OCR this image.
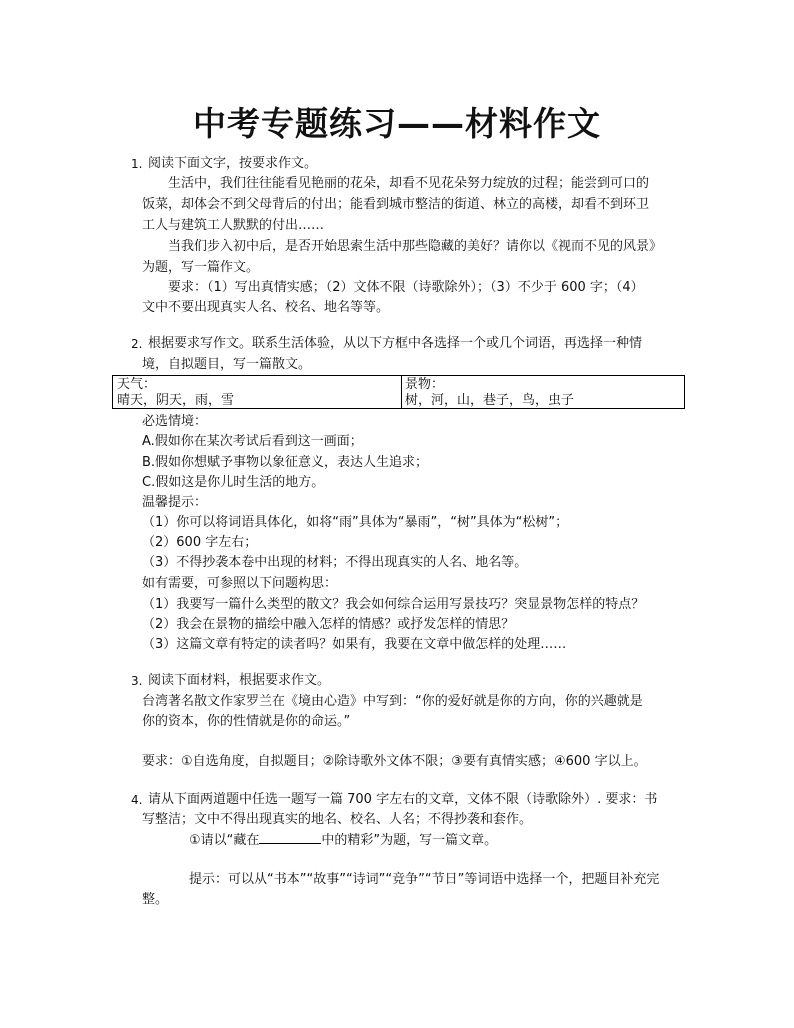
中考专题练习——材料作文
1. 阅读下面文字，按要求作文。
生活中，我们往往能看见艳丽的花朵，却看不见花朵努力绽放的过程；能尝到可口的
饭菜，却体会不到父母背后的付出；能看到城市整洁的街道、林立的高楼，却看不到环卫
工人与建筑工人默默的付出……
当我们步入初中后，是否开始思索生活中那些隐藏的美好？请你以《视而不见的风景》
为题，写一篇作文。
要求：（1）写出真情实感；（2）文体不限（诗歌除外）；（3）不少于 600 字；（4）
文中不要出现真实人名、校名、地名等等。
2. 根据要求写作文。联系生活体验，从以下方框中各选择一个或几个词语，再选择一种情
境，自拟题目，写一篇散文。
天气：
晴天，阴天，雨，雪
景物：
树，河，山，巷子，鸟，虫子
必选情境：
A.假如你在某次考试后看到这一画面；
B.假如你想赋予事物以象征意义，表达人生追求；
C.假如这是你儿时生活的地方。
温馨提示：
（1）你可以将词语具体化，如将“雨”具体为“暴雨”，“树”具体为“松树”；
（2）600 字左右；
（3）不得抄袭本卷中出现的材料；不得出现真实的人名、地名等。
如有需要，可参照以下问题构思：
（1）我要写一篇什么类型的散文？我会如何综合运用写景技巧？突显景物怎样的特点？
（2）我会在景物的描绘中融入怎样的情感？或抒发怎样的情思？
（3）这篇文章有特定的读者吗？如果有，我要在文章中做怎样的处理……
3. 阅读下面材料，根据要求作文。
台湾著名散文作家罗兰在《境由心造》中写到：“你的爱好就是你的方向，你的兴趣就是
你的资本，你的性情就是你的命运。”
要求：①自选角度，自拟题目；②除诗歌外文体不限；③要有真情实感；④600 字以上。
4. 请从下面两道题中任选一题写一篇 700 字左右的文章，文体不限（诗歌除外）. 要求：书
写整洁；文中不得出现真实的地名、校名、人名；不得抄袭和套作。
①请以“藏在	中的精彩”为题，写一篇文章。
提示：可以从“书本”“故事”“诗词”“竞争”“节日”等词语中选择一个，把题目补充完
整。
